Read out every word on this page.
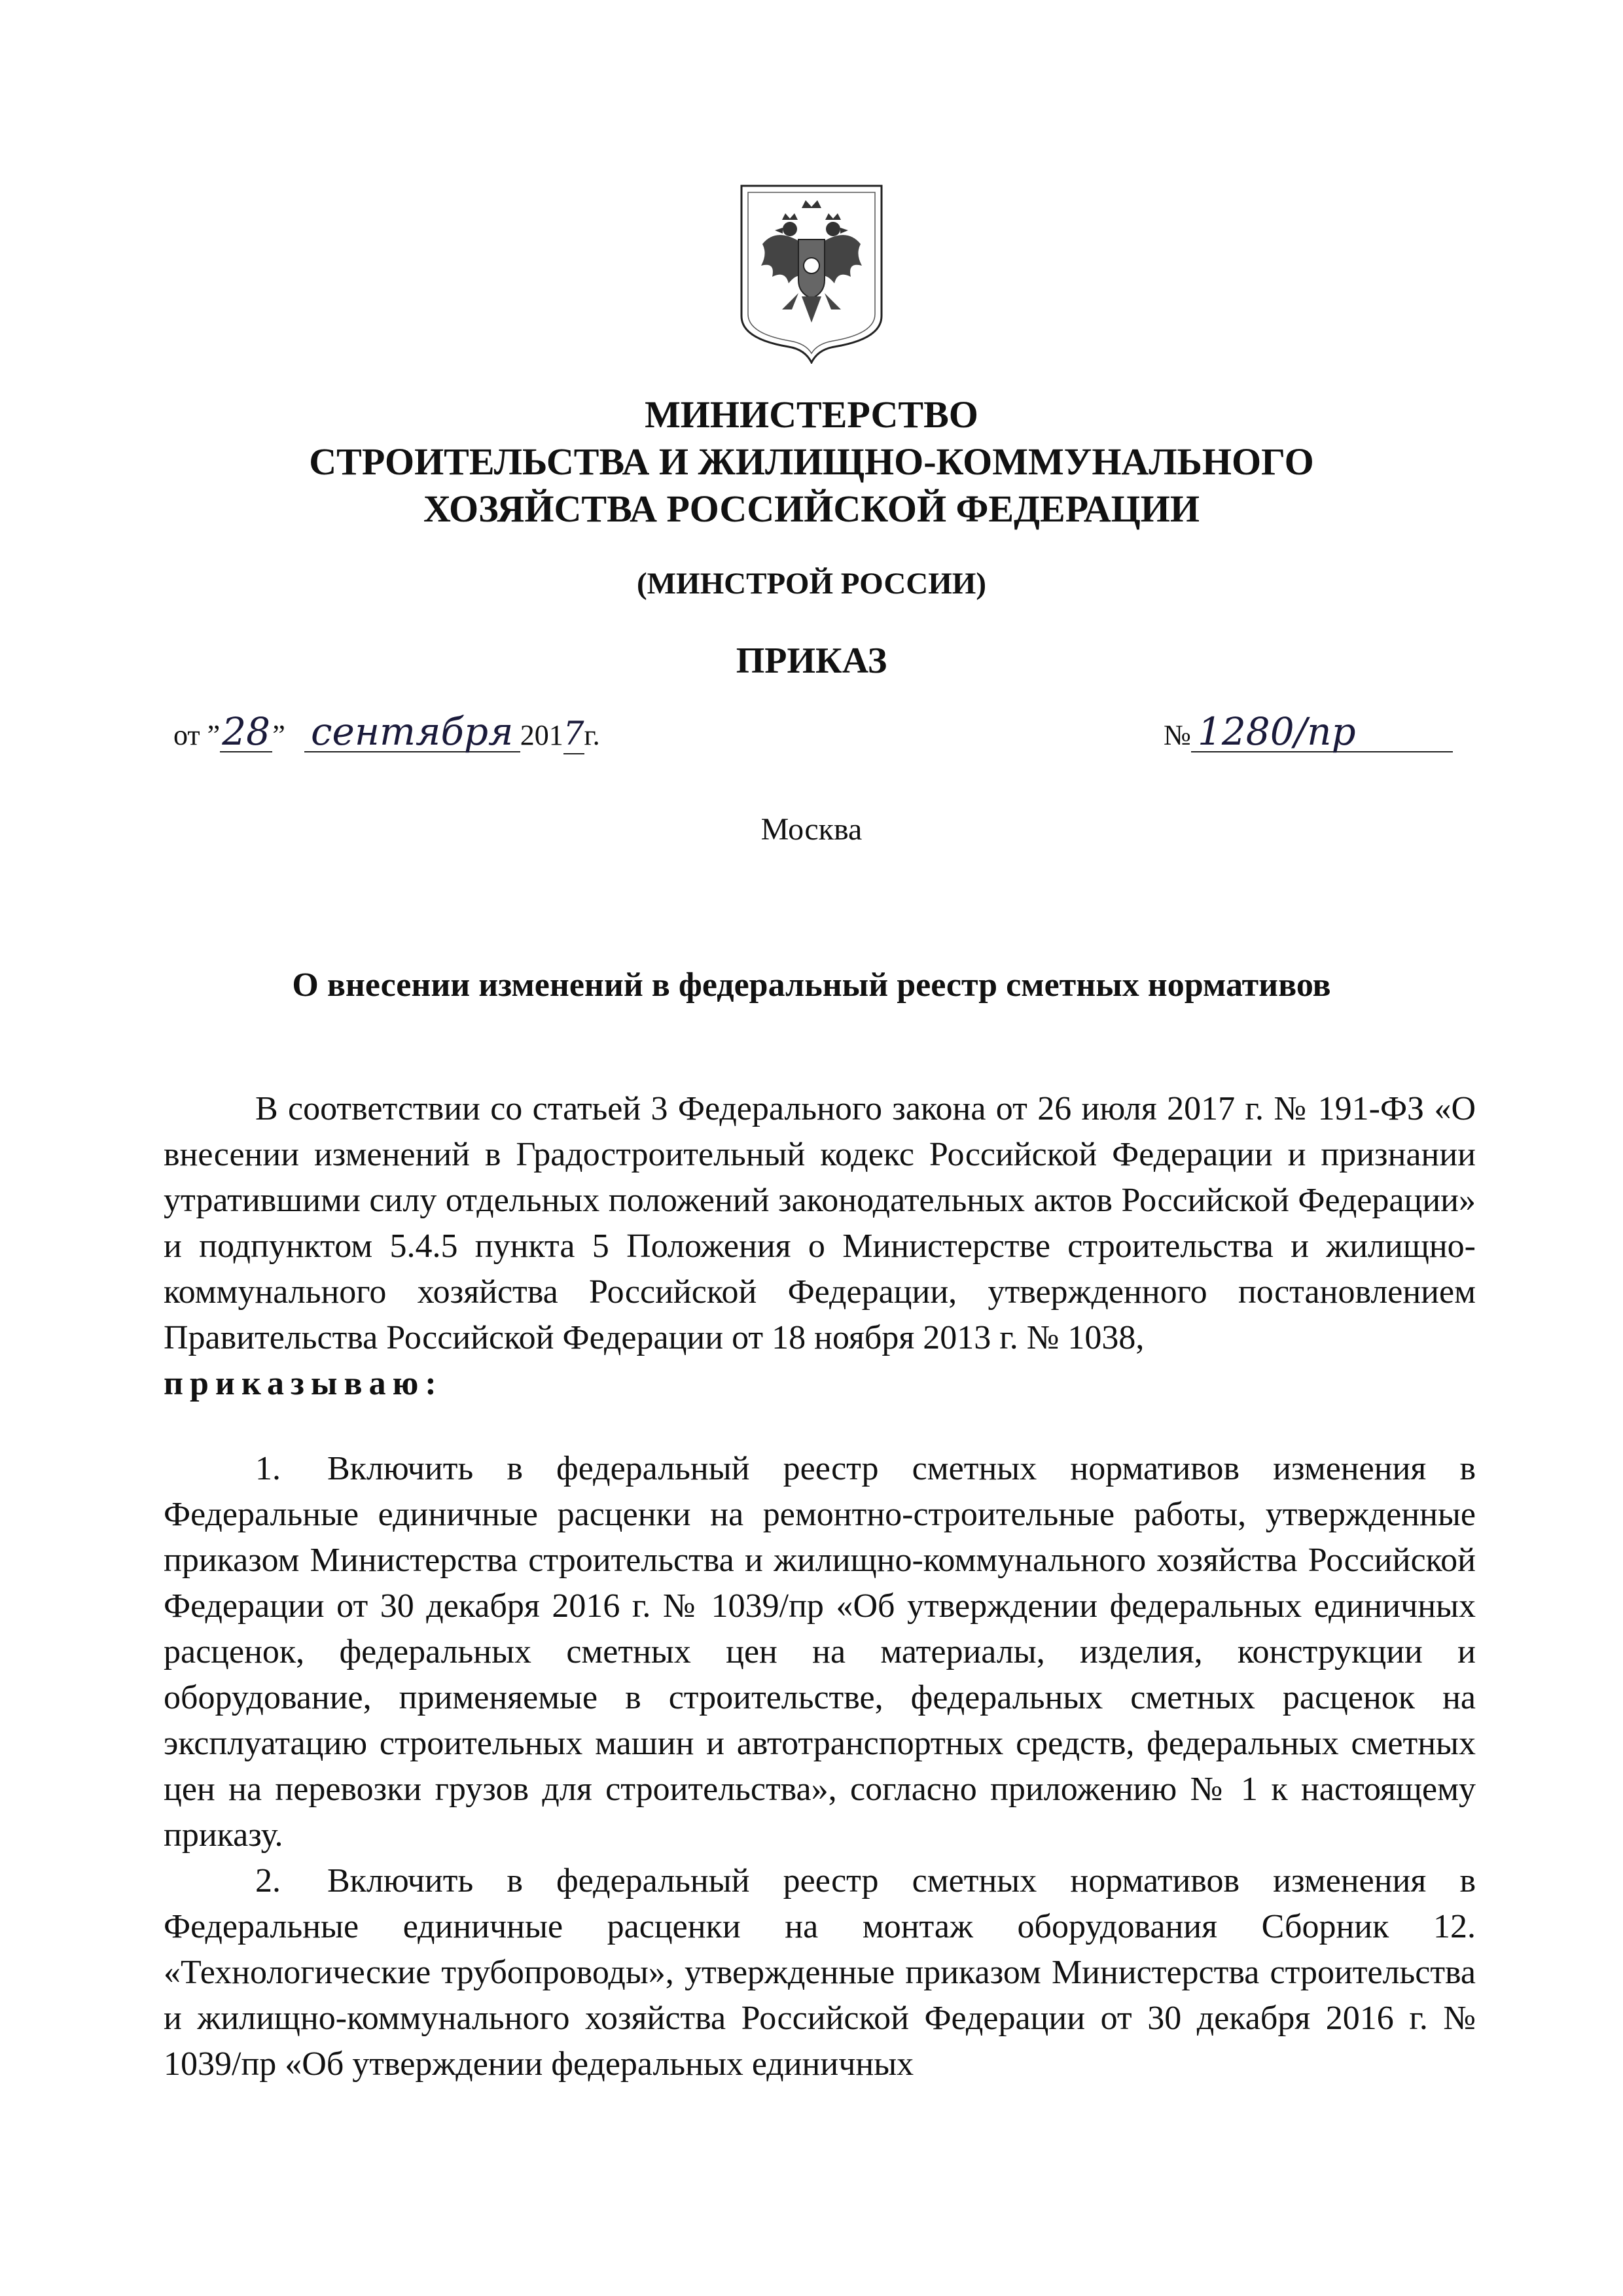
МИНИСТЕРСТВО
СТРОИТЕЛЬСТВА И ЖИЛИЩНО-КОММУНАЛЬНОГО
ХОЗЯЙСТВА РОССИЙСКОЙ ФЕДЕРАЦИИ
(МИНСТРОЙ РОССИИ)
ПРИКАЗ
от ”28” сентября 2017г.	№ 1280/пр
Москва
О внесении изменений в федеральный реестр сметных нормативов

В соответствии со статьей 3 Федерального закона от 26 июля 2017 г. № 191-ФЗ «О внесении изменений в Градостроительный кодекс Российской Федерации и признании утратившими силу отдельных положений законодательных актов Российской Федерации» и подпунктом 5.4.5 пункта 5 Положения о Министерстве строительства и жилищно-коммунального хозяйства Российской Федерации, утвержденного постановлением Правительства Российской Федерации от 18 ноября 2013 г. № 1038,

приказываю:

1. Включить в федеральный реестр сметных нормативов изменения в Федеральные единичные расценки на ремонтно-строительные работы, утвержденные приказом Министерства строительства и жилищно-коммунального хозяйства Российской Федерации от 30 декабря 2016 г. № 1039/пр «Об утверждении федеральных единичных расценок, федеральных сметных цен на материалы, изделия, конструкции и оборудование, применяемые в строительстве, федеральных сметных расценок на эксплуатацию строительных машин и автотранспортных средств, федеральных сметных цен на перевозки грузов для строительства», согласно приложению № 1 к настоящему приказу.

2. Включить в федеральный реестр сметных нормативов изменения в Федеральные единичные расценки на монтаж оборудования Сборник 12. «Технологические трубопроводы», утвержденные приказом Министерства строительства и жилищно-коммунального хозяйства Российской Федерации от 30 декабря 2016 г. № 1039/пр «Об утверждении федеральных единичных
